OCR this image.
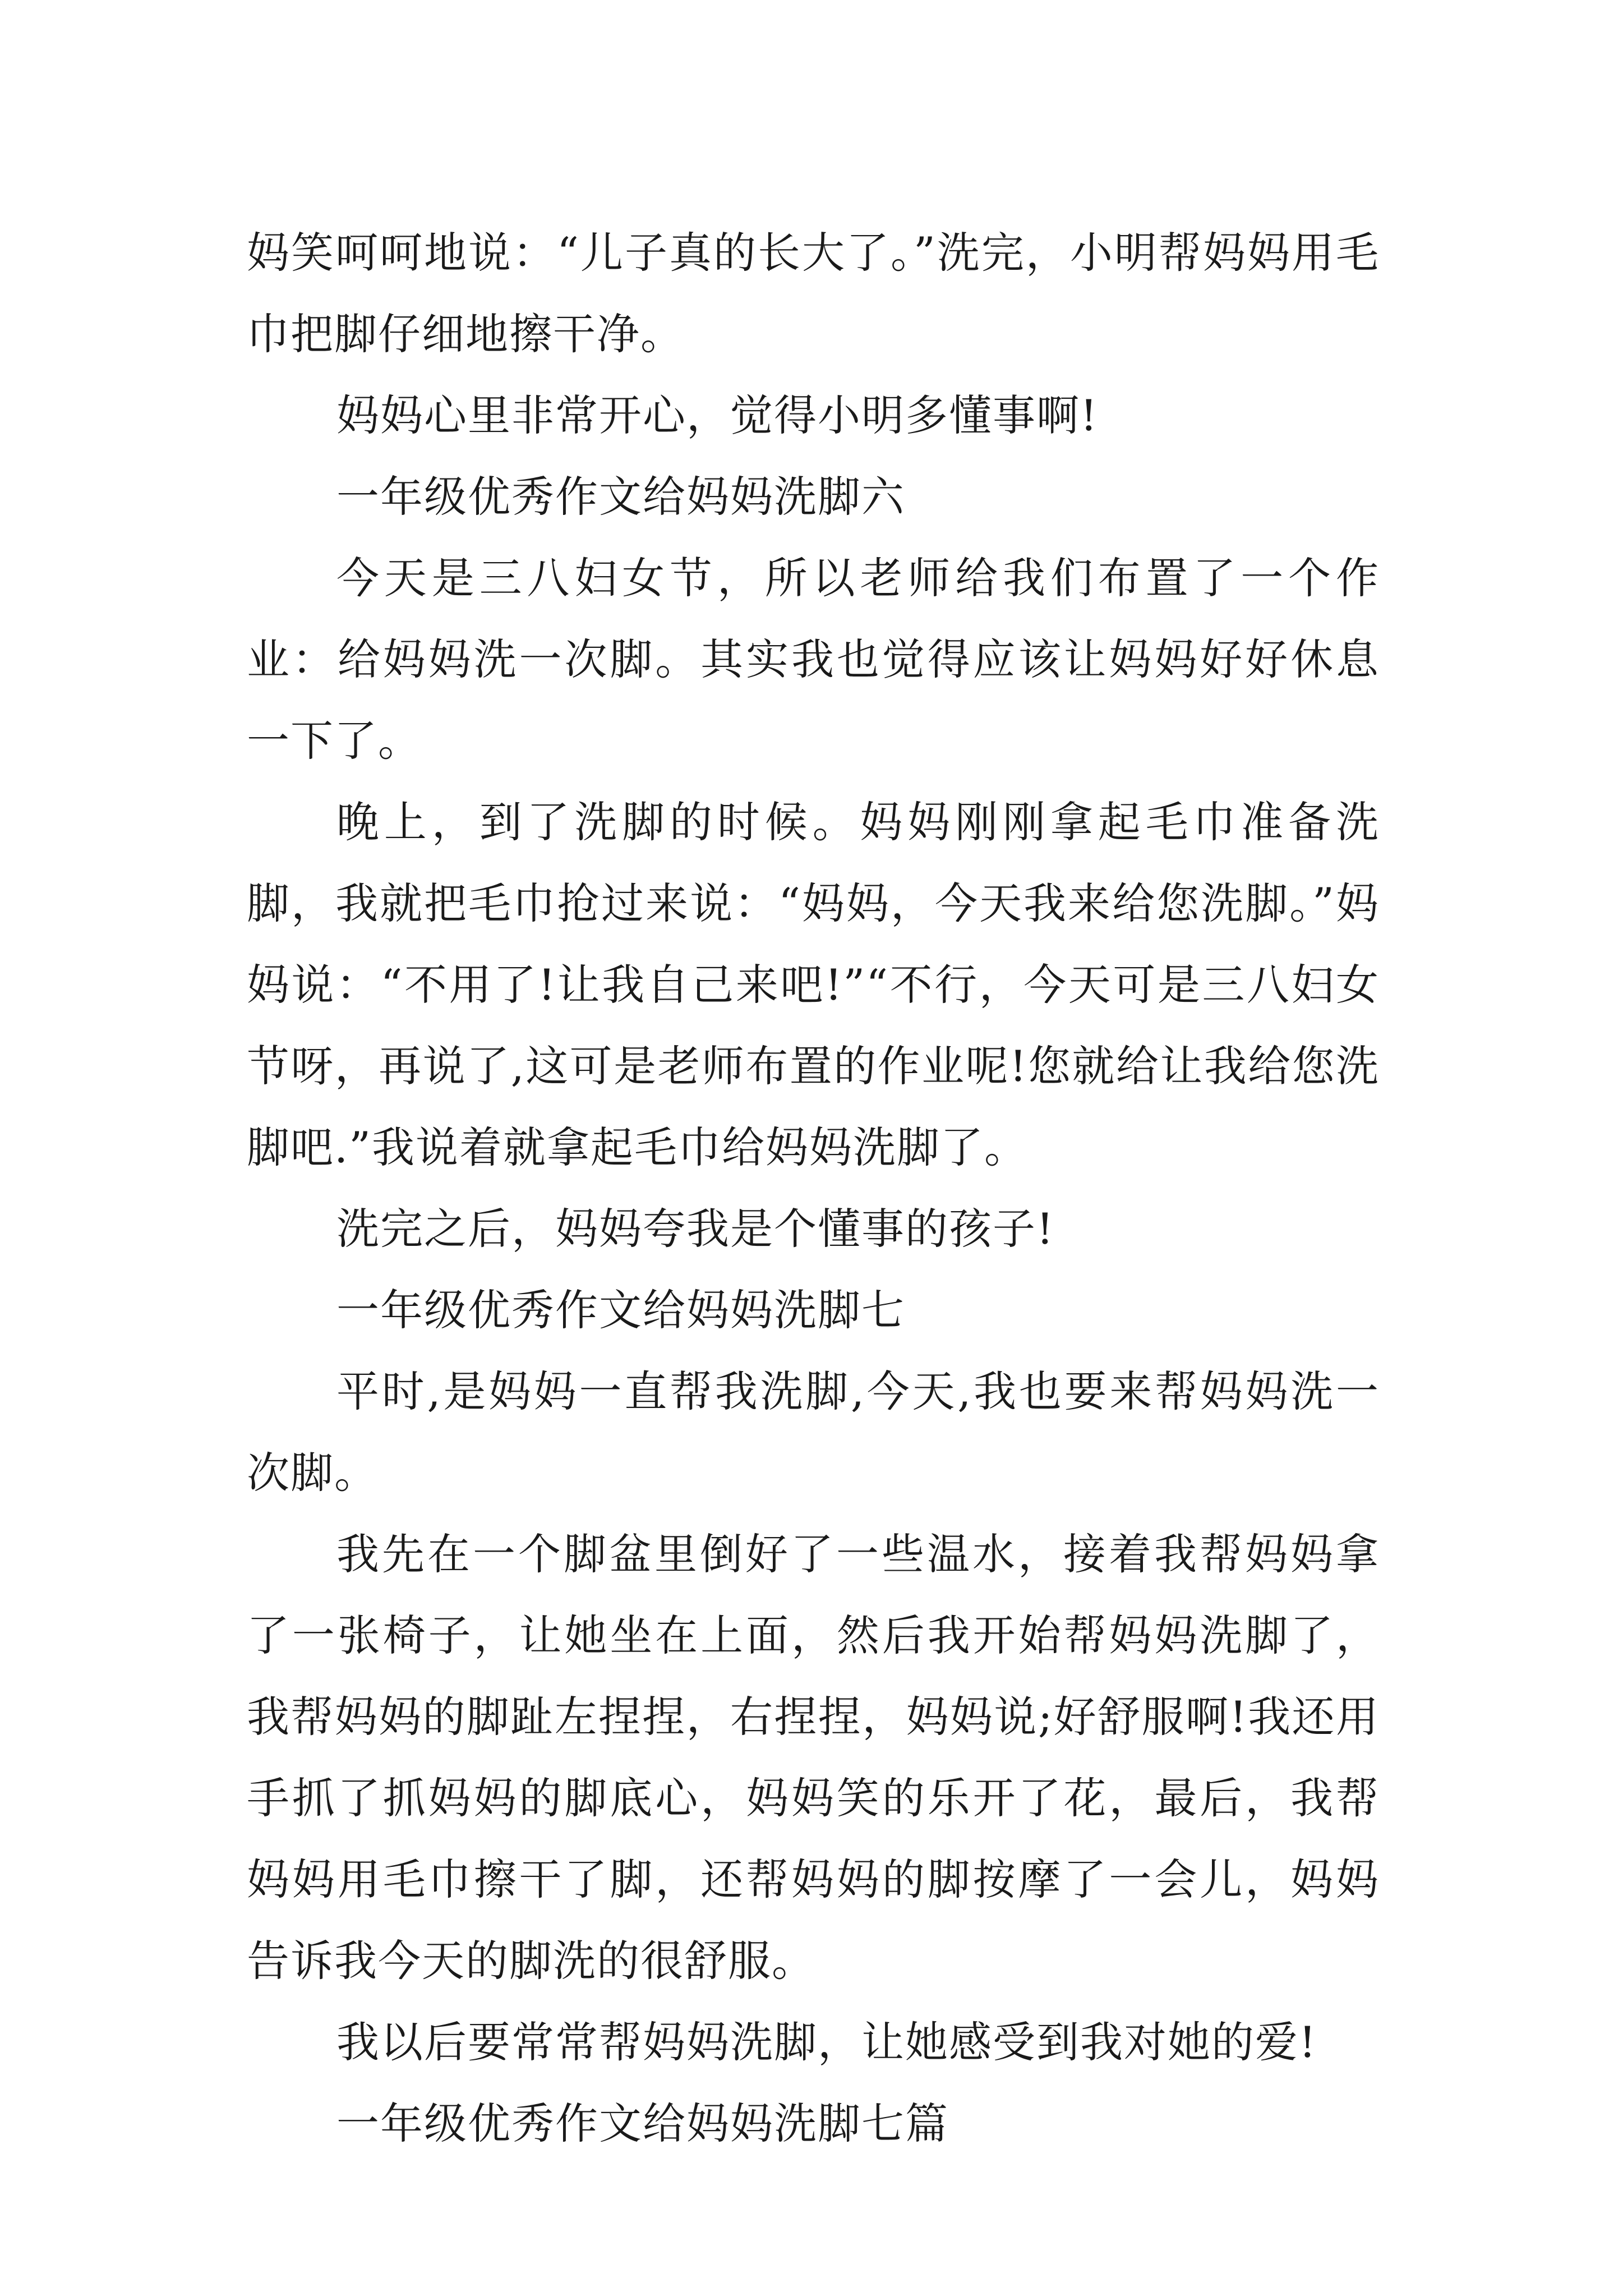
妈笑呵呵地说：“儿子真的长大了。”洗完，小明帮妈妈用毛巾把脚仔细地擦干净。

妈妈心里非常开心，觉得小明多懂事啊!

一年级优秀作文给妈妈洗脚六

今天是三八妇女节，所以老师给我们布置了一个作业：给妈妈洗一次脚。其实我也觉得应该让妈妈好好休息一下了。

晚上，到了洗脚的时候。妈妈刚刚拿起毛巾准备洗脚，我就把毛巾抢过来说：“妈妈，今天我来给您洗脚。”妈妈说：“不用了!让我自己来吧!”“不行，今天可是三八妇女节呀，再说了,这可是老师布置的作业呢!您就给让我给您洗脚吧.”我说着就拿起毛巾给妈妈洗脚了。

洗完之后，妈妈夸我是个懂事的孩子!

一年级优秀作文给妈妈洗脚七

平时,是妈妈一直帮我洗脚,今天,我也要来帮妈妈洗一次脚。

我先在一个脚盆里倒好了一些温水，接着我帮妈妈拿了一张椅子，让她坐在上面，然后我开始帮妈妈洗脚了，我帮妈妈的脚趾左捏捏，右捏捏，妈妈说;好舒服啊!我还用手抓了抓妈妈的脚底心，妈妈笑的乐开了花，最后，我帮妈妈用毛巾擦干了脚，还帮妈妈的脚按摩了一会儿，妈妈告诉我今天的脚洗的很舒服。

我以后要常常帮妈妈洗脚，让她感受到我对她的爱!

一年级优秀作文给妈妈洗脚七篇
